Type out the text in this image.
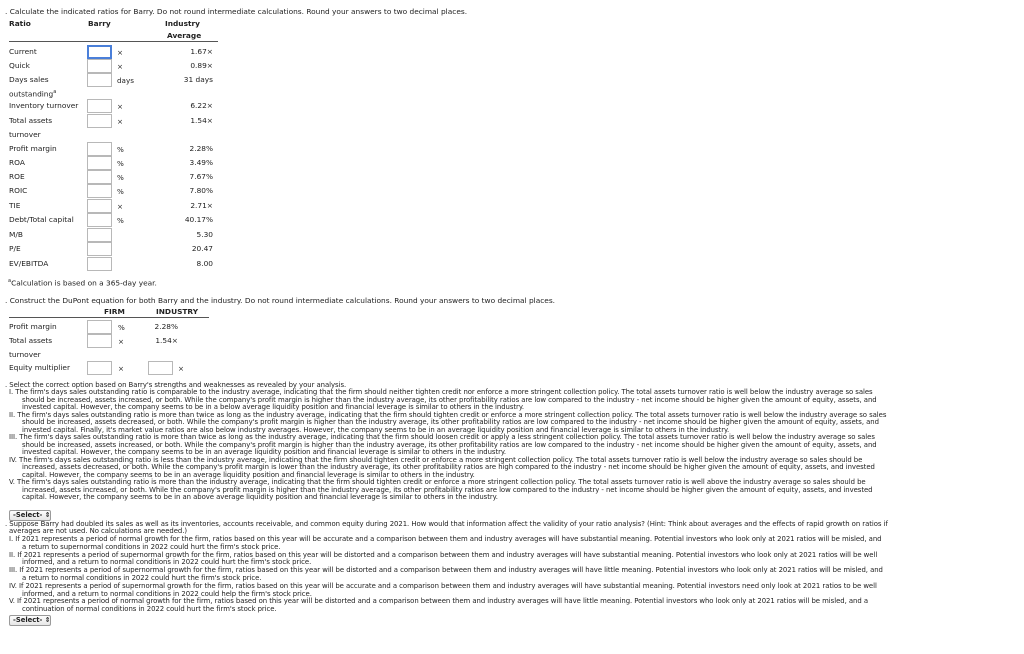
. Calculate the indicated ratios for Barry. Do not round intermediate calculations. Round your answers to two decimal places.
Ratio	Barry	Industry
Average
Current	×	1.67×
Quick	×	0.89×
Days sales
outstanding$^a$
days	31 days
Inventory turnover	×	6.22×
Total assets
turnover
×	1.54×
Profit margin	%	2.28%
ROA	%	3.49%
ROE	%	7.67%
ROIC	%	7.80%
TIE	×	2.71×
Debt/Total capital	%	40.17%
M/B	5.30
P/E	20.47
EV/EBITDA	8.00
$^a$Calculation is based on a 365-day year.
. Construct the DuPont equation for both Barry and the industry. Do not round intermediate calculations. Round your answers to two decimal places.
FIRM	INDUSTRY
Profit margin	%	2.28%
Total assets
turnover
×	1.54×
Equity multiplier	×	×
. Select the correct option based on Barry's strengths and weaknesses as revealed by your analysis.
I. The firm's days sales outstanding ratio is comparable to the industry average, indicating that the firm should neither tighten credit nor enforce a more stringent collection policy. The total assets turnover ratio is well below the industry average so sales
should be increased, assets increased, or both. While the company's profit margin is higher than the industry average, its other profitability ratios are low compared to the industry - net income should be higher given the amount of equity, assets, and
invested capital. However, the company seems to be in a below average liquidity position and financial leverage is similar to others in the industry.
II. The firm's days sales outstanding ratio is more than twice as long as the industry average, indicating that the firm should tighten credit or enforce a more stringent collection policy. The total assets turnover ratio is well below the industry average so sales
should be increased, assets decreased, or both. While the company's profit margin is higher than the industry average, its other profitability ratios are low compared to the industry - net income should be higher given the amount of equity, assets, and
invested capital. Finally, it's market value ratios are also below industry averages. However, the company seems to be in an average liquidity position and financial leverage is similar to others in the industry.
III. The firm's days sales outstanding ratio is more than twice as long as the industry average, indicating that the firm should loosen credit or apply a less stringent collection policy. The total assets turnover ratio is well below the industry average so sales
should be increased, assets increased, or both. While the company's profit margin is higher than the industry average, its other profitability ratios are low compared to the industry - net income should be higher given the amount of equity, assets, and
invested capital. However, the company seems to be in an average liquidity position and financial leverage is similar to others in the industry.
IV. The firm's days sales outstanding ratio is less than the industry average, indicating that the firm should tighten credit or enforce a more stringent collection policy. The total assets turnover ratio is well below the industry average so sales should be
increased, assets decreased, or both. While the company's profit margin is lower than the industry average, its other profitability ratios are high compared to the industry - net income should be higher given the amount of equity, assets, and invested
capital. However, the company seems to be in an average liquidity position and financial leverage is similar to others in the industry.
V. The firm's days sales outstanding ratio is more than the industry average, indicating that the firm should tighten credit or enforce a more stringent collection policy. The total assets turnover ratio is well above the industry average so sales should be
increased, assets increased, or both. While the company's profit margin is higher than the industry average, its other profitability ratios are low compared to the industry - net income should be higher given the amount of equity, assets, and invested
capital. However, the company seems to be in an above average liquidity position and financial leverage is similar to others in the industry.
-Select- ⇕
. Suppose Barry had doubled its sales as well as its inventories, accounts receivable, and common equity during 2021. How would that information affect the validity of your ratio analysis? (Hint: Think about averages and the effects of rapid growth on ratios if
averages are not used. No calculations are needed.)
I. If 2021 represents a period of normal growth for the firm, ratios based on this year will be accurate and a comparison between them and industry averages will have substantial meaning. Potential investors who look only at 2021 ratios will be misled, and
a return to supernormal conditions in 2022 could hurt the firm's stock price.
II. If 2021 represents a period of supernormal growth for the firm, ratios based on this year will be distorted and a comparison between them and industry averages will have substantial meaning. Potential investors who look only at 2021 ratios will be well
informed, and a return to normal conditions in 2022 could hurt the firm's stock price.
III. If 2021 represents a period of supernormal growth for the firm, ratios based on this year will be distorted and a comparison between them and industry averages will have little meaning. Potential investors who look only at 2021 ratios will be misled, and
a return to normal conditions in 2022 could hurt the firm's stock price.
IV. If 2021 represents a period of supernormal growth for the firm, ratios based on this year will be accurate and a comparison between them and industry averages will have substantial meaning. Potential investors need only look at 2021 ratios to be well
informed, and a return to normal conditions in 2022 could help the firm's stock price.
V. If 2021 represents a period of normal growth for the firm, ratios based on this year will be distorted and a comparison between them and industry averages will have little meaning. Potential investors who look only at 2021 ratios will be misled, and a
continuation of normal conditions in 2022 could hurt the firm's stock price.
-Select- ⇕
